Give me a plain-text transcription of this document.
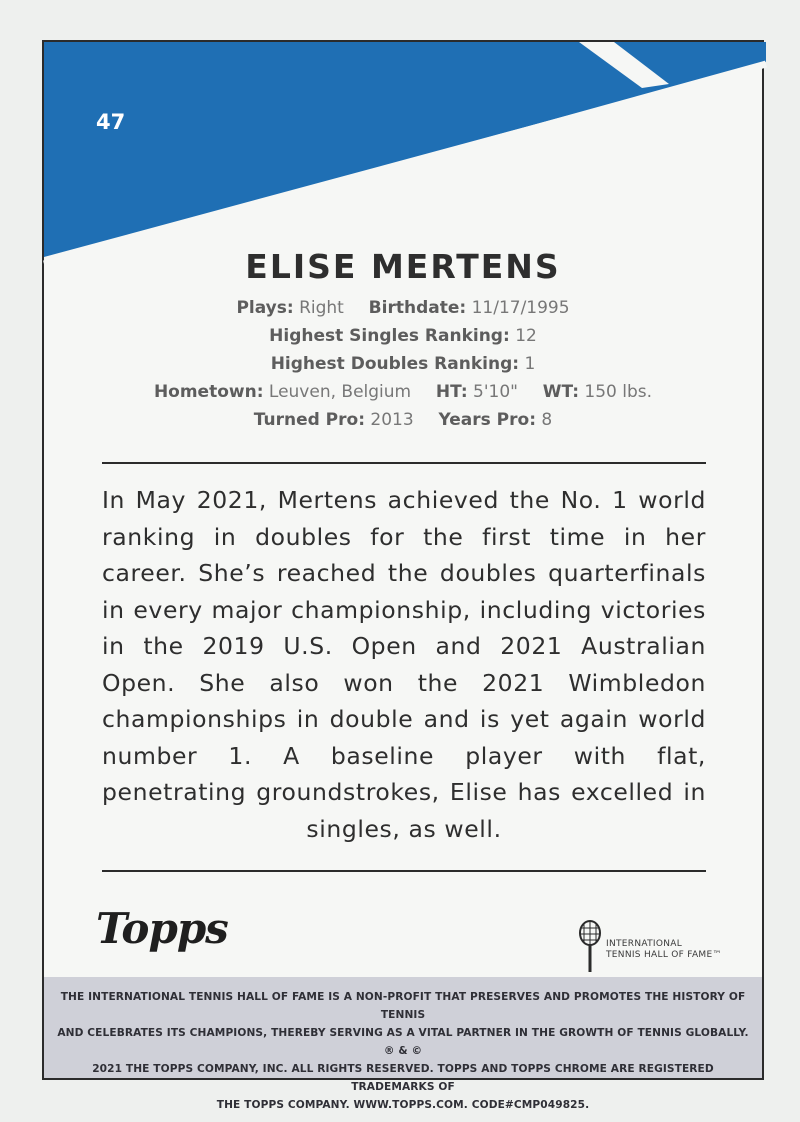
47
ELISE MERTENS
Plays: Right Birthdate: 11/17/1995
Highest Singles Ranking: 12
Highest Doubles Ranking: 1
Hometown: Leuven, Belgium HT: 5'10" WT: 150 lbs.
Turned Pro: 2013 Years Pro: 8
In May 2021, Mertens achieved the No. 1 world ranking in doubles for the first time in her career. She’s reached the doubles quarterfinals in every major championship, including victories in the 2019 U.S. Open and 2021 Australian Open. She also won the 2021 Wimbledon championships in double and is yet again world number 1. A baseline player with flat, penetrating groundstrokes, Elise has excelled in singles, as well.
Topps	INTERNATIONAL
TENNIS HALL OF FAME™
THE INTERNATIONAL TENNIS HALL OF FAME IS A NON-PROFIT THAT PRESERVES AND PROMOTES THE HISTORY OF TENNIS
AND CELEBRATES ITS CHAMPIONS, THEREBY SERVING AS A VITAL PARTNER IN THE GROWTH OF TENNIS GLOBALLY. ® & ©
2021 THE TOPPS COMPANY, INC. ALL RIGHTS RESERVED. TOPPS AND TOPPS CHROME ARE REGISTERED TRADEMARKS OF
THE TOPPS COMPANY. WWW.TOPPS.COM. CODE#CMP049825.
